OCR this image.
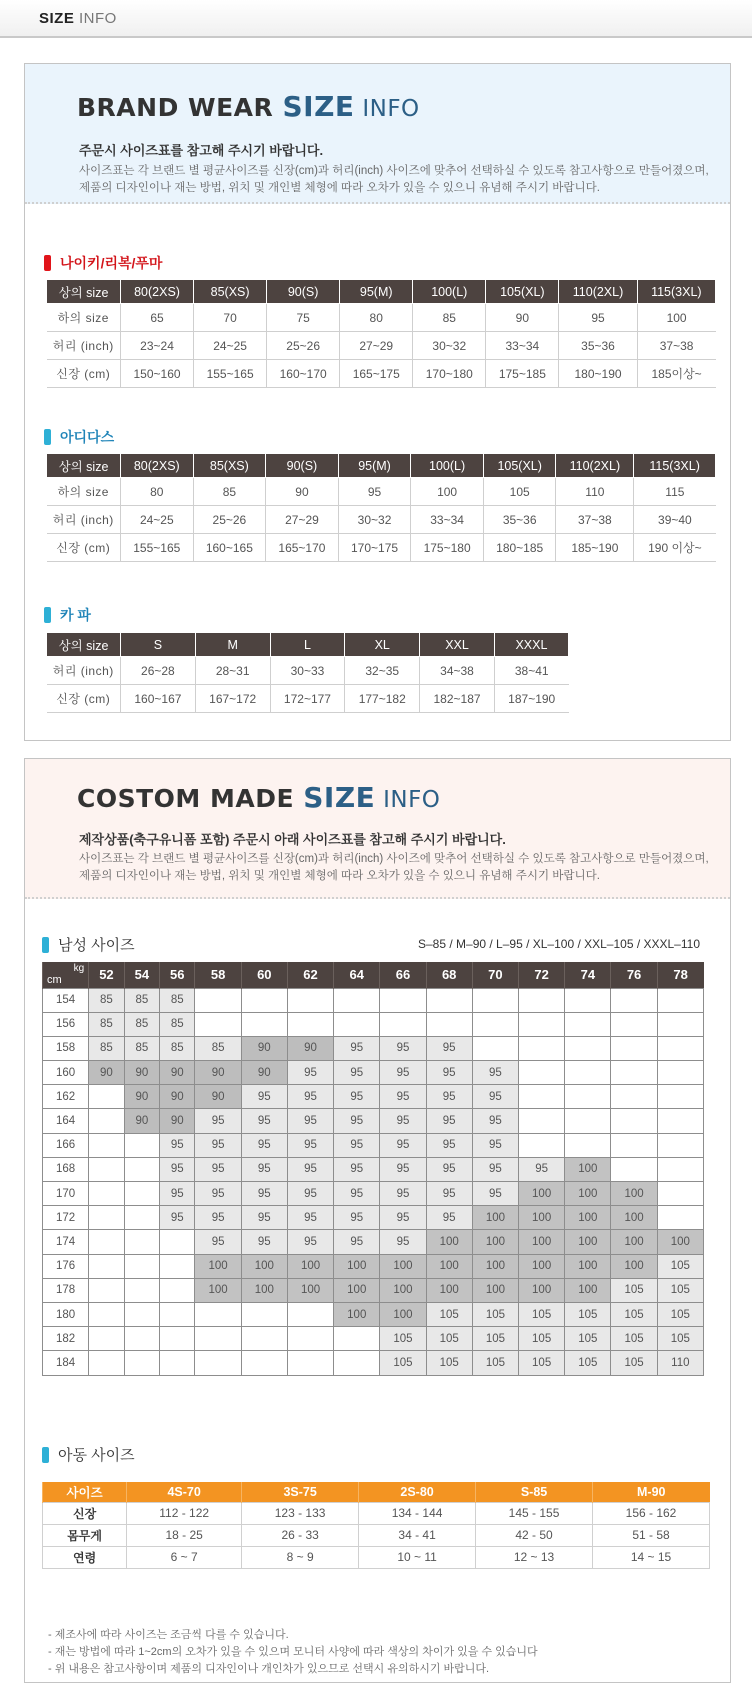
SIZE INFO
BRAND WEAR SIZE INFO
주문시 사이즈표를 참고해 주시기 바랍니다.
사이즈표는 각 브랜드 별 평균사이즈를 신장(cm)과 허리(inch) 사이즈에 맞추어 선택하실 수 있도록 참고사항으로 만들어졌으며,
제품의 디자인이나 재는 방법, 위치 및 개인별 체형에 따라 오차가 있을 수 있으니 유념해 주시기 바랍니다.
나이키/리복/푸마
상의 size	80(2XS)	85(XS)	90(S)	95(M)	100(L)	105(XL)	110(2XL)	115(3XL)
하의 size	65	70	75	80	85	90	95	100
허리 (inch)	23~24	24~25	25~26	27~29	30~32	33~34	35~36	37~38
신장 (cm)	150~160	155~165	160~170	165~175	170~180	175~185	180~190	185이상~
아디다스
상의 size	80(2XS)	85(XS)	90(S)	95(M)	100(L)	105(XL)	110(2XL)	115(3XL)
하의 size	80	85	90	95	100	105	110	115
허리 (inch)	24~25	25~26	27~29	30~32	33~34	35~36	37~38	39~40
신장 (cm)	155~165	160~165	165~170	170~175	175~180	180~185	185~190	190 이상~
카 파
상의 size	S	M	L	XL	XXL	XXXL
허리 (inch)	26~28	28~31	30~33	32~35	34~38	38~41
신장 (cm)	160~167	167~172	172~177	177~182	182~187	187~190
COSTOM MADE SIZE INFO
제작상품(축구유니폼 포함) 주문시 아래 사이즈표를 참고해 주시기 바랍니다.
사이즈표는 각 브랜드 별 평균사이즈를 신장(cm)과 허리(inch) 사이즈에 맞추어 선택하실 수 있도록 참고사항으로 만들어졌으며,
제품의 디자인이나 재는 방법, 위치 및 개인별 체형에 따라 오차가 있을 수 있으니 유념해 주시기 바랍니다.
남성 사이즈	S–85 / M–90 / L–95 / XL–100 / XXL–105 / XXXL–110
kg
cm	52	54	56	58	60	62	64	66	68	70	72	74	76	78
154	85	85	85											
156	85	85	85											
158	85	85	85	85	90	90	95	95	95					
160	90	90	90	90	90	95	95	95	95	95				
162		90	90	90	95	95	95	95	95	95				
164		90	90	95	95	95	95	95	95	95				
166			95	95	95	95	95	95	95	95				
168			95	95	95	95	95	95	95	95	95	100		
170			95	95	95	95	95	95	95	95	100	100	100	
172			95	95	95	95	95	95	95	100	100	100	100	
174				95	95	95	95	95	100	100	100	100	100	100
176				100	100	100	100	100	100	100	100	100	100	105
178				100	100	100	100	100	100	100	100	100	105	105
180							100	100	105	105	105	105	105	105
182								105	105	105	105	105	105	105
184								105	105	105	105	105	105	110
아동 사이즈
사이즈	4S-70	3S-75	2S-80	S-85	M-90
신장	112 - 122	123 - 133	134 - 144	145 - 155	156 - 162
몸무게	18 - 25	26 - 33	34 - 41	42 - 50	51 - 58
연령	6 ~ 7	8 ~ 9	10 ~ 11	12 ~ 13	14 ~ 15
- 제조사에 따라 사이즈는 조금씩 다를 수 있습니다.
- 재는 방법에 따라 1~2cm의 오차가 있을 수 있으며 모니터 사양에 따라 색상의 차이가 있을 수 있습니다
- 위 내용은 참고사항이며 제품의 디자인이나 개인차가 있으므로 선택시 유의하시기 바랍니다.
